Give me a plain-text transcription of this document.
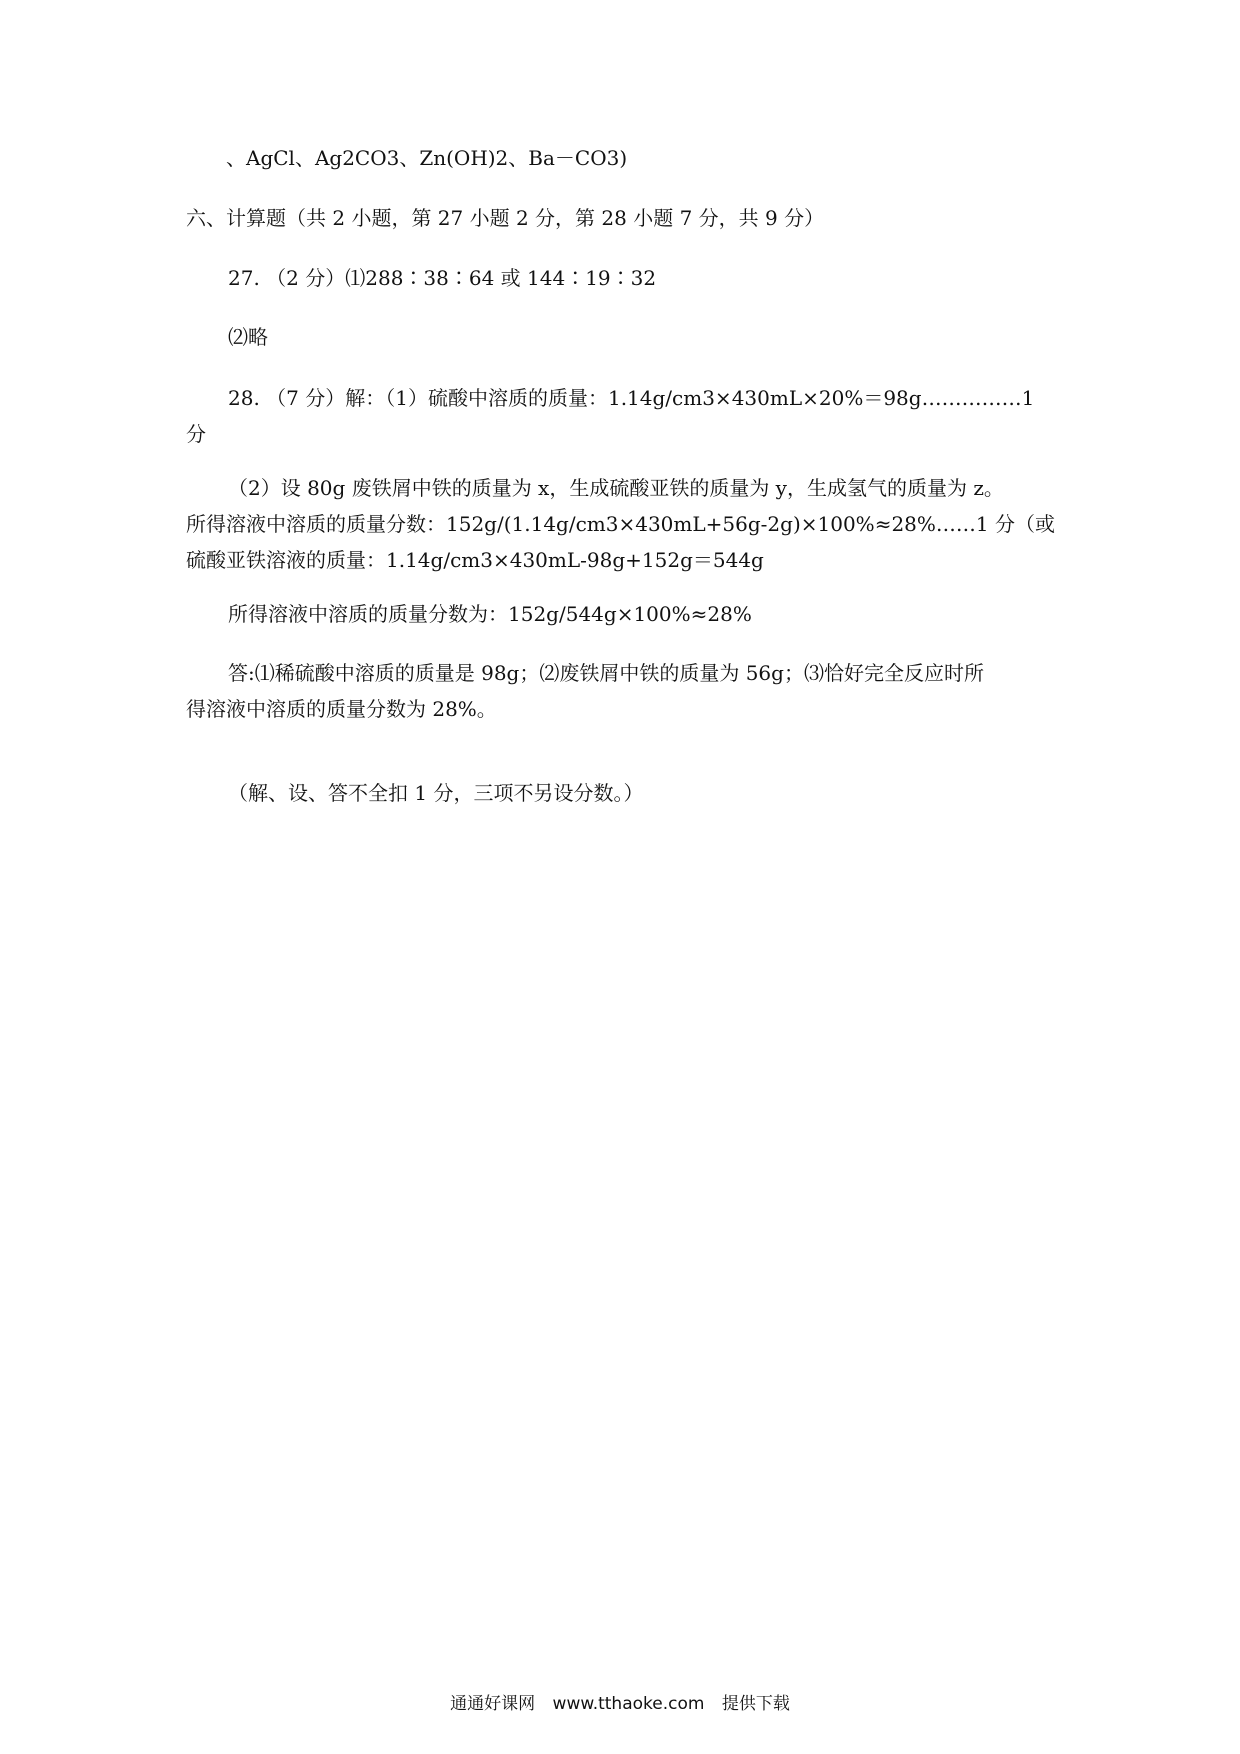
、AgCl、Ag2CO3、Zn(OH)2、Ba－CO3)
六、计算题（共 2 小题，第 27 小题 2 分，第 28 小题 7 分，共 9 分）
27. （2 分）⑴288∶38∶64 或 144∶19∶32
⑵略
28. （7 分）解：（1）硫酸中溶质的质量：1.14g/cm3×430mL×20%＝98g……………1
分
（2）设 80g 废铁屑中铁的质量为 x，生成硫酸亚铁的质量为 y，生成氢气的质量为 z。
所得溶液中溶质的质量分数：152g/(1.14g/cm3×430mL+56g-2g)×100%≈28%……1 分（或
硫酸亚铁溶液的质量：1.14g/cm3×430mL-98g+152g＝544g
所得溶液中溶质的质量分数为：152g/544g×100%≈28%
答:⑴稀硫酸中溶质的质量是 98g；⑵废铁屑中铁的质量为 56g；⑶恰好完全反应时所
得溶液中溶质的质量分数为 28%。
（解、设、答不全扣 1 分，三项不另设分数。）
通通好课网 www.tthaoke.com 提供下载
